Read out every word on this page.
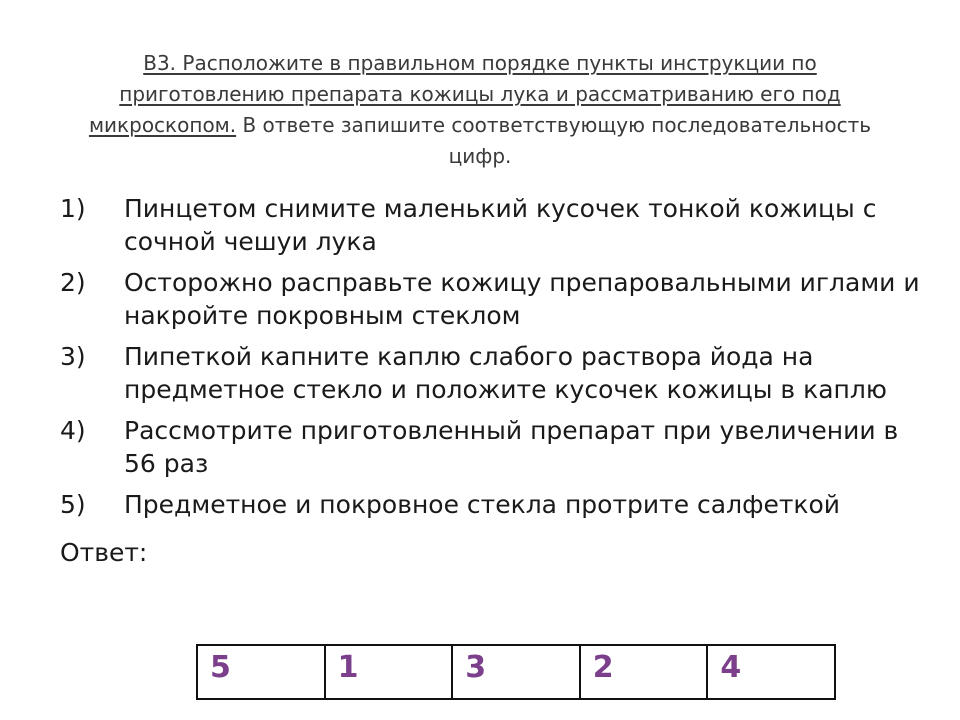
В3. Расположите в правильном порядке пункты инструкции по приготовлению препарата кожицы лука и рассматриванию его под микроскопом. В ответе запишите соответствующую последовательность цифр.
1) Пинцетом снимите маленький кусочек тонкой кожицы с сочной чешуи лука
2) Осторожно расправьте кожицу препаровальными иглами и накройте покровным стеклом
3) Пипеткой капните каплю слабого раствора йода на предметное стекло и положите кусочек кожицы в каплю
4) Рассмотрите приготовленный препарат при увеличении в 56 раз
5) Предметное и покровное стекла протрите салфеткой
Ответ:
5	1	3	2	4
